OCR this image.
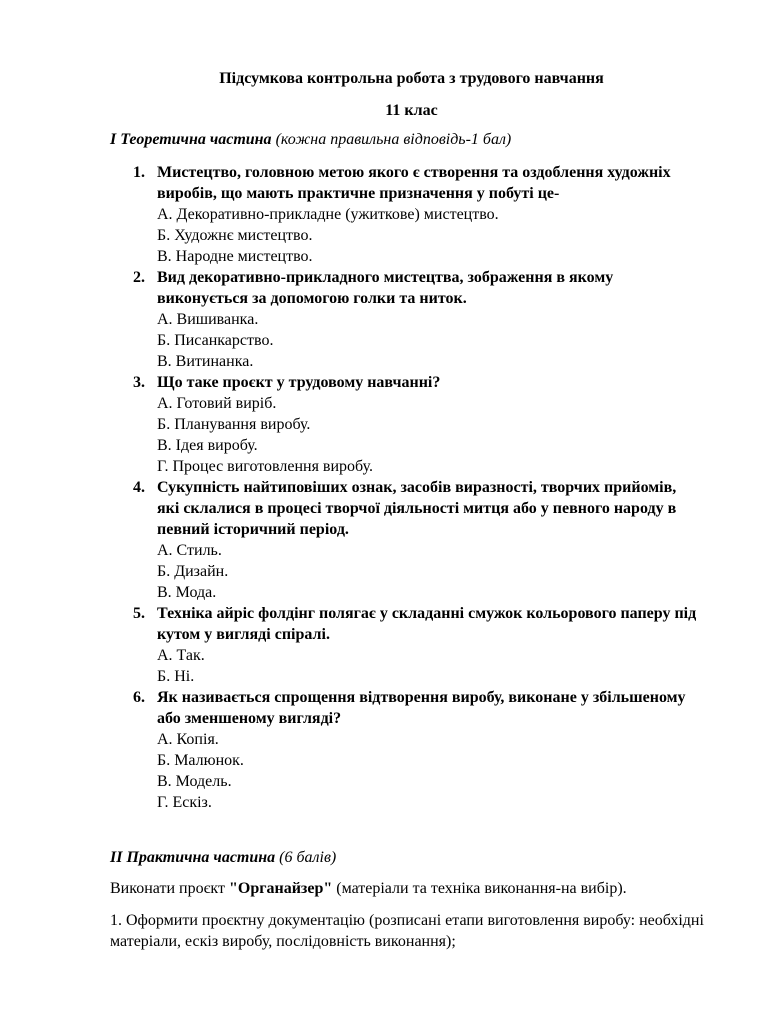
Підсумкова контрольна робота з трудового навчання
11 клас
I Теоретична частина (кожна правильна відповідь-1 бал)
1. Мистецтво, головною метою якого є створення та оздоблення художніх виробів, що мають практичне призначення у побуті це-
А. Декоративно-прикладне (ужиткове) мистецтво.
Б. Художнє мистецтво.
В. Народне мистецтво.
2. Вид декоративно-прикладного мистецтва, зображення в якому виконується за допомогою голки та ниток.
А. Вишиванка.
Б. Писанкарство.
В. Витинанка.
3. Що таке проєкт у трудовому навчанні?
А. Готовий виріб.
Б. Планування виробу.
В. Ідея виробу.
Г. Процес виготовлення виробу.
4. Сукупність найтиповіших ознак, засобів виразності, творчих прийомів, які склалися в процесі творчої діяльності митця або у певного народу в певний історичний період.
А. Стиль.
Б. Дизайн.
В. Мода.
5. Техніка айріс фолдінг полягає у складанні смужок кольорового паперу під кутом у вигляді спіралі.
А. Так.
Б. Ні.
6. Як називається спрощення відтворення виробу, виконане у збільшеному або зменшеному вигляді?
А. Копія.
Б. Малюнок.
В. Модель.
Г. Ескіз.
II Практична частина (6 балів)
Виконати проєкт "Органайзер" (матеріали та техніка виконання-на вибір).
1. Оформити проєктну документацію (розписані етапи виготовлення виробу: необхідні матеріали, ескіз виробу, послідовність виконання);
